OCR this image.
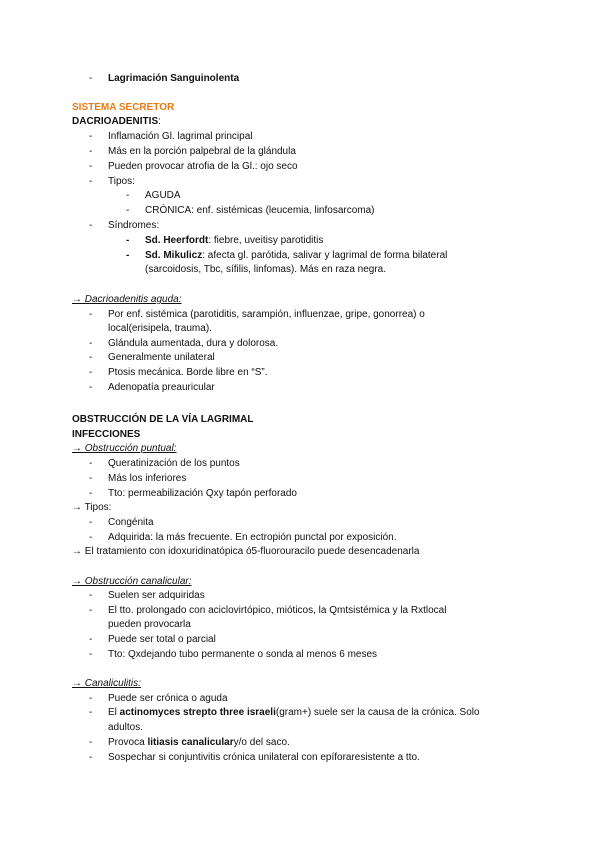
- Lagrimación Sanguinolenta
SISTEMA SECRETOR
DACRIOADENITIS:
- Inflamación Gl. lagrimal principal
- Más en la porción palpebral de la glándula
- Pueden provocar atrofia de la Gl.: ojo seco
- Tipos:
- AGUDA
- CRÓNICA: enf. sistémicas (leucemia, linfosarcoma)
- Síndromes:
- Sd. Heerfordt: fiebre, uveitisy parotiditis
- Sd. Mikulicz: afecta gl. parótida, salivar y lagrimal de forma bilateral
(sarcoidosis, Tbc, sífilis, linfomas). Más en raza negra.
→ Dacrioadenitis aguda:
- Por enf. sistémica (parotiditis, sarampión, influenzae, gripe, gonorrea) o
local(erisipela, trauma).
- Glándula aumentada, dura y dolorosa.
- Generalmente unilateral
- Ptosis mecánica. Borde libre en “S”.
- Adenopatía preauricular
OBSTRUCCIÓN DE LA VÍA LAGRIMAL
INFECCIONES
→ Obstrucción puntual:
- Queratinización de los puntos
- Más los inferiores
- Tto: permeabilización Qxy tapón perforado
→ Tipos:
- Congénita
- Adquirida: la más frecuente. En ectropión punctal por exposición.
→ El tratamiento con idoxuridinatópica ó5-fluorouracilo puede desencadenarla
→ Obstrucción canalicular:
- Suelen ser adquiridas
- El tto. prolongado con aciclovirtópico, mióticos, la Qmtsistémica y la Rxtlocal
pueden provocarla
- Puede ser total o parcial
- Tto: Qxdejando tubo permanente o sonda al menos 6 meses
→ Canaliculitis:
- Puede ser crónica o aguda
- El actinomyces strepto three israeli(gram+) suele ser la causa de la crónica. Solo
adultos.
- Provoca litiasis canaliculary/o del saco.
- Sospechar si conjuntivitis crónica unilateral con epíforaresistente a tto.
